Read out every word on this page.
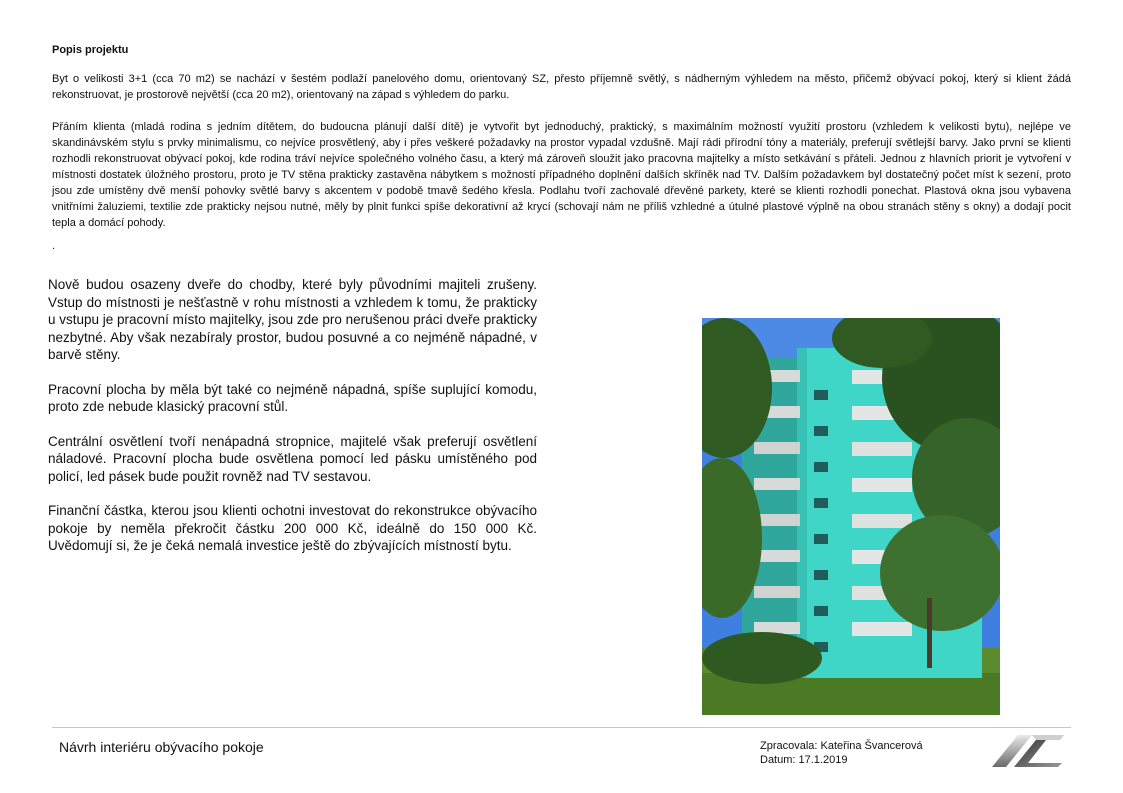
Popis projektu

Byt o velikosti 3+1 (cca 70 m2) se nachází v šestém podlaží panelového domu, orientovaný SZ, přesto příjemně světlý, s nádherným výhledem na město, přičemž obývací pokoj, který si klient žádá rekonstruovat, je prostorově největší (cca 20 m2), orientovaný na západ s výhledem do parku.

Přáním klienta (mladá rodina s jedním dítětem, do budoucna plánují další dítě) je vytvořit byt jednoduchý, praktický, s maximálním možností využití prostoru (vzhledem k velikosti bytu), nejlépe ve skandinávském stylu s prvky minimalismu, co nejvíce prosvětlený, aby i přes veškeré požadavky na prostor vypadal vzdušně. Mají rádi přírodní tóny a materiály, preferují světlejší barvy. Jako první se klienti rozhodli rekonstruovat obývací pokoj, kde rodina tráví nejvíce společného volného času, a který má zároveň sloužit jako pracovna majitelky a místo setkávání s přáteli. Jednou z hlavních priorit je vytvoření v místnosti dostatek úložného prostoru, proto je TV stěna prakticky zastavěna nábytkem s možností případného doplnění dalších skříněk nad TV. Dalším požadavkem byl dostatečný počet míst k sezení, proto jsou zde umístěny dvě menší pohovky světlé barvy s akcentem v podobě tmavě šedého křesla. Podlahu tvoří zachovalé dřevěné parkety, které se klienti rozhodli ponechat. Plastová okna jsou vybavena vnitřními žaluziemi, textilie zde prakticky nejsou nutné, měly by plnit funkci spíše dekorativní až krycí (schovají nám ne příliš vzhledné a útulné plastové výplně na obou stranách stěny s okny) a dodají pocit tepla a domácí pohody.

.

Nově budou osazeny dveře do chodby, které byly původními majiteli zrušeny. Vstup do místnosti je nešťastně v rohu místnosti a vzhledem k tomu, že prakticky u vstupu je pracovní místo majitelky, jsou zde pro nerušenou práci dveře prakticky nezbytné. Aby však nezabíraly prostor, budou posuvné a co nejméně nápadné, v barvě stěny.

Pracovní plocha by měla být také co nejméně nápadná, spíše suplující komodu, proto zde nebude klasický pracovní stůl.

Centrální osvětlení tvoří nenápadná stropnice, majitelé však preferují osvětlení náladové. Pracovní plocha bude osvětlena pomocí led pásku umístěného pod policí, led pásek bude použit rovněž nad TV sestavou.

Finanční částka, kterou jsou klienti ochotni investovat do rekonstrukce obývacího pokoje by neměla překročit částku 200 000 Kč, ideálně do 150 000 Kč. Uvědomují si, že je čeká nemalá investice ještě do zbývajících místností bytu.

Návrh interiéru obývacího pokoje	Zpracovala: Kateřina Švancerová
Datum: 17.1.2019
